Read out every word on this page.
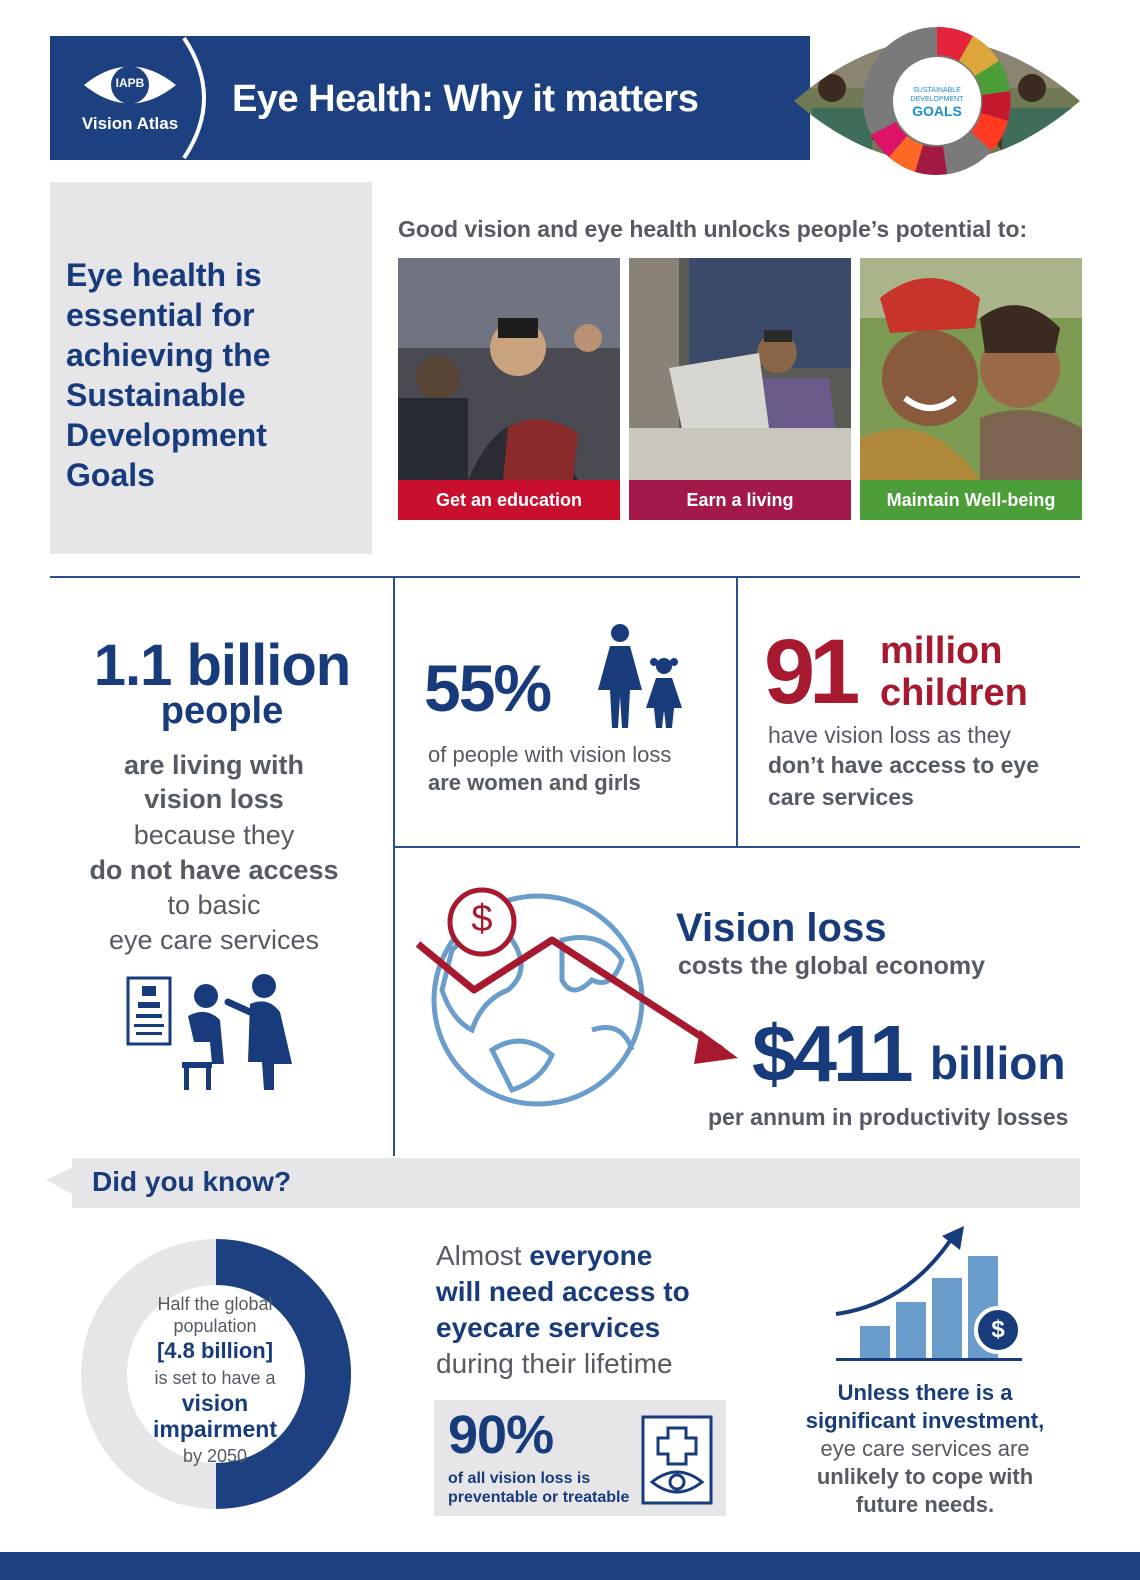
IAPB
Vision Atlas
Eye Health: Why it matters	SUSTAINABLE
DEVELOPMENT
GOALS
Eye health is
essential for
achieving the
Sustainable
Development
Goals
Good vision and eye health unlocks people’s potential to:
Get an education	Earn a living	Maintain Well-being
1.1 billion
people
are living with
vision loss
because they
do not have access
to basic
eye care services
55%
of people with vision loss
are women and girls
91 million
children
have vision loss as they
don’t have access to eye
care services
$	Vision loss
costs the global economy
$411 billion
per annum in productivity losses
Did you know?
Half the global
population
[4.8 billion]
is set to have a
vision
impairment
by 2050
Almost everyone
will need access to
eyecare services
during their lifetime
90%
of all vision loss is
preventable or treatable
$
Unless there is a
significant investment,
eye care services are
unlikely to cope with
future needs.
